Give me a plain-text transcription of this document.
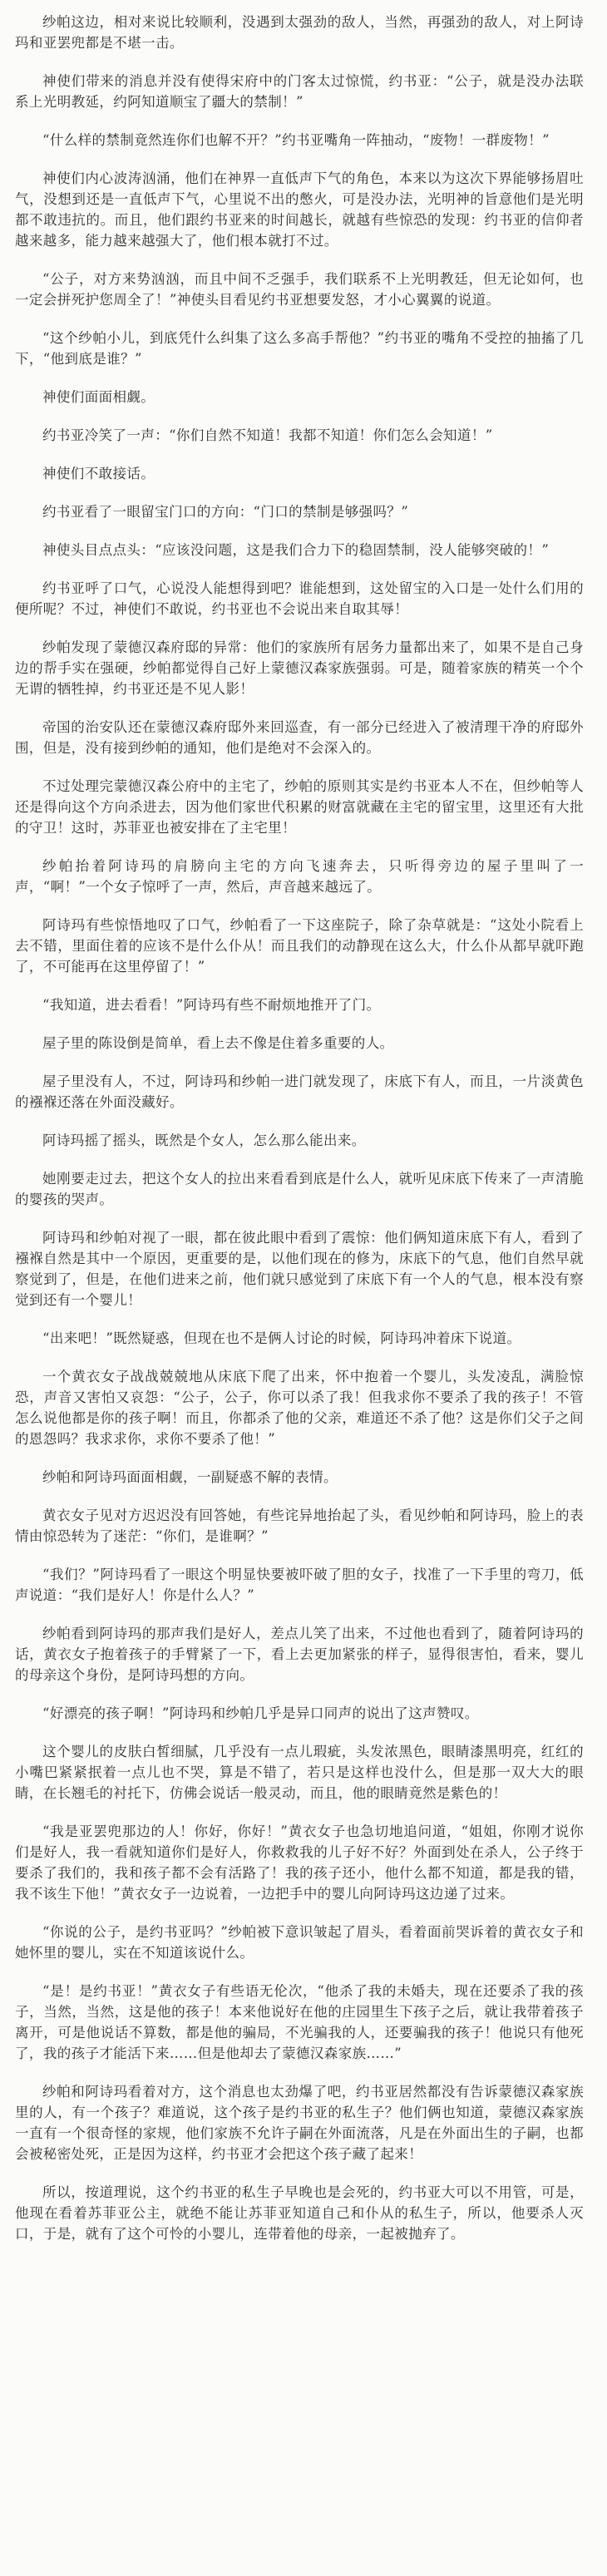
纱帕这边，相对来说比较顺利，没遇到太强劲的敌人，当然，再强劲的敌人，对上阿诗玛和亚罢兜都是不堪一击。

神使们带来的消息并没有使得宋府中的门客太过惊慌，约书亚：“公子，就是没办法联系上光明教延，约阿知道顺宝了疆大的禁制！”

“什么样的禁制竟然连你们也解不开？”约书亚嘴角一阵抽动，“废物！一群废物！”

神使们内心波涛汹涌，他们在神界一直低声下气的角色，本来以为这次下界能够扬眉吐气，没想到还是一直低声下气，心里说不出的憋火，可是没办法，光明神的旨意他们是光明都不敢违抗的。而且，他们跟约书亚来的时间越长，就越有些惊恐的发现：约书亚的信仰者越来越多，能力越来越强大了，他们根本就打不过。

“公子，对方来势汹汹，而且中间不乏强手，我们联系不上光明教廷，但无论如何，也一定会拼死护您周全了！”神使头目看见约书亚想要发怒，才小心翼翼的说道。

“这个纱帕小儿，到底凭什么纠集了这么多高手帮他？”约书亚的嘴角不受控的抽搐了几下，“他到底是谁？”

神使们面面相觑。

约书亚冷笑了一声：“你们自然不知道！我都不知道！你们怎么会知道！”

神使们不敢接话。

约书亚看了一眼留宝门口的方向：“门口的禁制是够强吗？”

神使头目点点头：“应该没问题，这是我们合力下的稳固禁制，没人能够突破的！”

约书亚呼了口气，心说没人能想得到吧？谁能想到，这处留宝的入口是一处什么们用的便所呢？不过，神使们不敢说，约书亚也不会说出来自取其辱！

纱帕发现了蒙德汉森府邸的异常：他们的家族所有居务力量都出来了，如果不是自己身边的帮手实在强硬，纱帕都觉得自己好上蒙德汉森家族强弱。可是，随着家族的精英一个个无谓的牺牲掉，约书亚还是不见人影！

帝国的治安队还在蒙德汉森府邸外来回巡查，有一部分已经进入了被清理干净的府邸外围，但是，没有接到纱帕的通知，他们是绝对不会深入的。

不过处理完蒙德汉森公府中的主宅了，纱帕的原则其实是约书亚本人不在，但纱帕等人还是得向这个方向杀进去，因为他们家世代积累的财富就藏在主宅的留宝里，这里还有大批的守卫！这时，苏菲亚也被安排在了主宅里！

纱帕抬着阿诗玛的肩膀向主宅的方向飞速奔去，只听得旁边的屋子里叫了一声，“啊！”一个女子惊呼了一声，然后，声音越来越远了。

阿诗玛有些惊悟地叹了口气，纱帕看了一下这座院子，除了杂草就是：“这处小院看上去不错，里面住着的应该不是什么仆从！而且我们的动静现在这么大，什么仆从都早就吓跑了，不可能再在这里停留了！”

“我知道，进去看看！”阿诗玛有些不耐烦地推开了门。

屋子里的陈设倒是简单，看上去不像是住着多重要的人。

屋子里没有人，不过，阿诗玛和纱帕一进门就发现了，床底下有人，而且，一片淡黄色的襁褓还落在外面没藏好。

阿诗玛摇了摇头，既然是个女人，怎么那么能出来。

她刚要走过去，把这个女人的拉出来看看到底是什么人，就听见床底下传来了一声清脆的婴孩的哭声。

阿诗玛和纱帕对视了一眼，都在彼此眼中看到了震惊：他们俩知道床底下有人，看到了襁褓自然是其中一个原因，更重要的是，以他们现在的修为，床底下的气息，他们自然早就察觉到了，但是，在他们进来之前，他们就只感觉到了床底下有一个人的气息，根本没有察觉到还有一个婴儿！

“出来吧！”既然疑惑，但现在也不是俩人讨论的时候，阿诗玛冲着床下说道。

一个黄衣女子战战兢兢地从床底下爬了出来，怀中抱着一个婴儿，头发凌乱，满脸惊恐，声音又害怕又哀怨：“公子，公子，你可以杀了我！但我求你不要杀了我的孩子！不管怎么说他都是你的孩子啊！而且，你都杀了他的父亲，难道还不杀了他？这是你们父子之间的恩怨吗？我求求你，求你不要杀了他！”

纱帕和阿诗玛面面相觑，一副疑惑不解的表情。

黄衣女子见对方迟迟没有回答她，有些诧异地抬起了头，看见纱帕和阿诗玛，脸上的表情由惊恐转为了迷茫：“你们，是谁啊？”

“我们？”阿诗玛看了一眼这个明显快要被吓破了胆的女子，找准了一下手里的弯刀，低声说道：“我们是好人！你是什么人？”

纱帕看到阿诗玛的那声我们是好人，差点儿笑了出来，不过他也看到了，随着阿诗玛的话，黄衣女子抱着孩子的手臂紧了一下，看上去更加紧张的样子，显得很害怕，看来，婴儿的母亲这个身份，是阿诗玛想的方向。

“好漂亮的孩子啊！”阿诗玛和纱帕几乎是异口同声的说出了这声赞叹。

这个婴儿的皮肤白皙细腻，几乎没有一点儿瑕疵，头发浓黑色，眼睛漆黑明亮，红红的小嘴巴紧紧抿着一点儿也不哭，算是不错了，若只是这样也没什么，但是那一双大大的眼睛，在长翘毛的衬托下，仿佛会说话一般灵动，而且，他的眼睛竟然是紫色的！

“我是亚罢兜那边的人！你好，你好！”黄衣女子也急切地追问道，“姐姐，你刚才说你们是好人，我一看就知道你们是好人，你救救我的儿子好不好？外面到处在杀人，公子终于要杀了我们的，我和孩子都不会有活路了！我的孩子还小，他什么都不知道，都是我的错，我不该生下他！”黄衣女子一边说着，一边把手中的婴儿向阿诗玛这边递了过来。

“你说的公子，是约书亚吗？”纱帕被下意识皱起了眉头，看着面前哭诉着的黄衣女子和她怀里的婴儿，实在不知道该说什么。

“是！是约书亚！”黄衣女子有些语无伦次，“他杀了我的未婚夫，现在还要杀了我的孩子，当然，当然，这是他的孩子！本来他说好在他的庄园里生下孩子之后，就让我带着孩子离开，可是他说话不算数，都是他的骗局，不光骗我的人，还要骗我的孩子！他说只有他死了，我的孩子才能活下来……但是他却去了蒙德汉森家族……”

纱帕和阿诗玛看着对方，这个消息也太劲爆了吧，约书亚居然都没有告诉蒙德汉森家族里的人，有一个孩子？难道说，这个孩子是约书亚的私生子？他们俩也知道，蒙德汉森家族一直有一个很奇怪的家规，他们家族不允许子嗣在外面流落，凡是在外面出生的子嗣，也都会被秘密处死，正是因为这样，约书亚才会把这个孩子藏了起来！

所以，按道理说，这个约书亚的私生子早晚也是会死的，约书亚大可以不用管，可是，他现在看着苏菲亚公主，就绝不能让苏菲亚知道自己和仆从的私生子，所以，他要杀人灭口，于是，就有了这个可怜的小婴儿，连带着他的母亲，一起被抛弃了。
